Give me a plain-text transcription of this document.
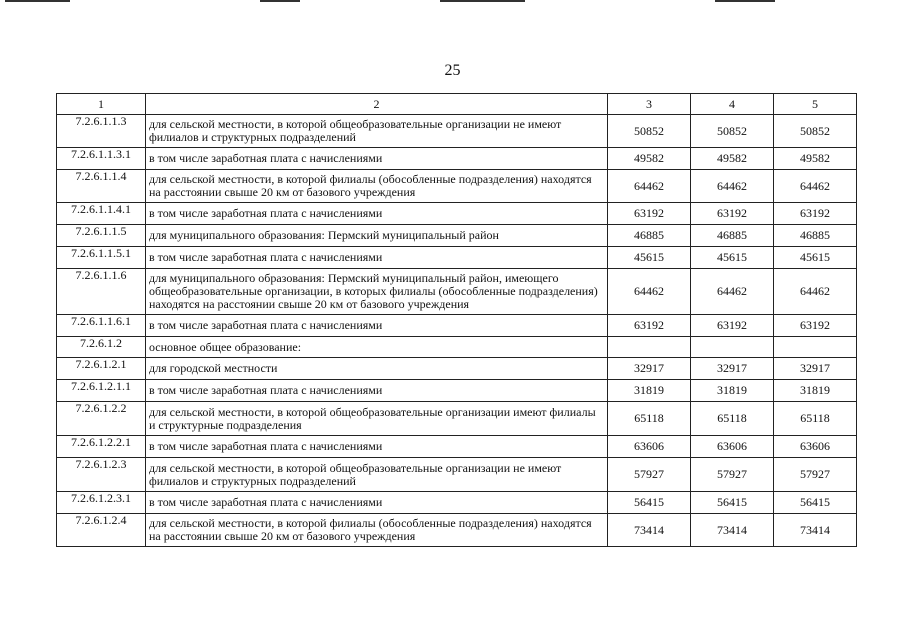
25
1	2	3	4	5
7.2.6.1.1.3	для сельской местности, в которой общеобразовательные организации не имеют филиалов и структурных подразделений	50852	50852	50852
7.2.6.1.1.3.1	в том числе заработная плата с начислениями	49582	49582	49582
7.2.6.1.1.4	для сельской местности, в которой филиалы (обособленные подразделения) находятся на расстоянии свыше 20 км от базового учреждения	64462	64462	64462
7.2.6.1.1.4.1	в том числе заработная плата с начислениями	63192	63192	63192
7.2.6.1.1.5	для муниципального образования: Пермский муниципальный район	46885	46885	46885
7.2.6.1.1.5.1	в том числе заработная плата с начислениями	45615	45615	45615
7.2.6.1.1.6	для муниципального образования: Пермский муниципальный район, имеющего общеобразовательные организации, в которых филиалы (обособленные подразделения) находятся на расстоянии свыше 20 км от базового учреждения	64462	64462	64462
7.2.6.1.1.6.1	в том числе заработная плата с начислениями	63192	63192	63192
7.2.6.1.2	основное общее образование:			
7.2.6.1.2.1	для городской местности	32917	32917	32917
7.2.6.1.2.1.1	в том числе заработная плата с начислениями	31819	31819	31819
7.2.6.1.2.2	для сельской местности, в которой общеобразовательные организации имеют филиалы и структурные подразделения	65118	65118	65118
7.2.6.1.2.2.1	в том числе заработная плата с начислениями	63606	63606	63606
7.2.6.1.2.3	для сельской местности, в которой общеобразовательные организации не имеют филиалов и структурных подразделений	57927	57927	57927
7.2.6.1.2.3.1	в том числе заработная плата с начислениями	56415	56415	56415
7.2.6.1.2.4	для сельской местности, в которой филиалы (обособленные подразделения) находятся на расстоянии свыше 20 км от базового учреждения	73414	73414	73414
